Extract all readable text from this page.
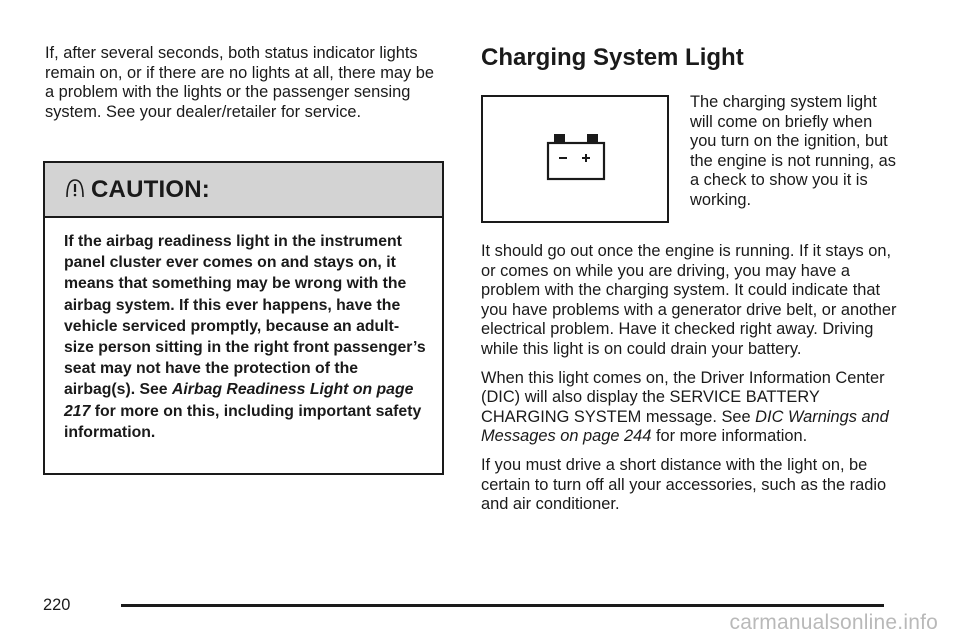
If, after several seconds, both status indicator lights remain on, or if there are no lights at all, there may be a problem with the lights or the passenger sensing system. See your dealer/retailer for service.

CAUTION:
If the airbag readiness light in the instrument panel cluster ever comes on and stays on, it means that something may be wrong with the airbag system. If this ever happens, have the vehicle serviced promptly, because an adult-size person sitting in the right front passenger’s seat may not have the protection of the airbag(s). See Airbag Readiness Light on page 217 for more on this, including important safety information.
Charging System Light

The charging system light will come on briefly when you turn on the ignition, but the engine is not running, as a check to show you it is working.

It should go out once the engine is running. If it stays on, or comes on while you are driving, you may have a problem with the charging system. It could indicate that you have problems with a generator drive belt, or another electrical problem. Have it checked right away. Driving while this light is on could drain your battery.

When this light comes on, the Driver Information Center (DIC) will also display the SERVICE BATTERY CHARGING SYSTEM message. See DIC Warnings and Messages on page 244 for more information.

If you must drive a short distance with the light on, be certain to turn off all your accessories, such as the radio and air conditioner.

220
carmanualsonline.info
